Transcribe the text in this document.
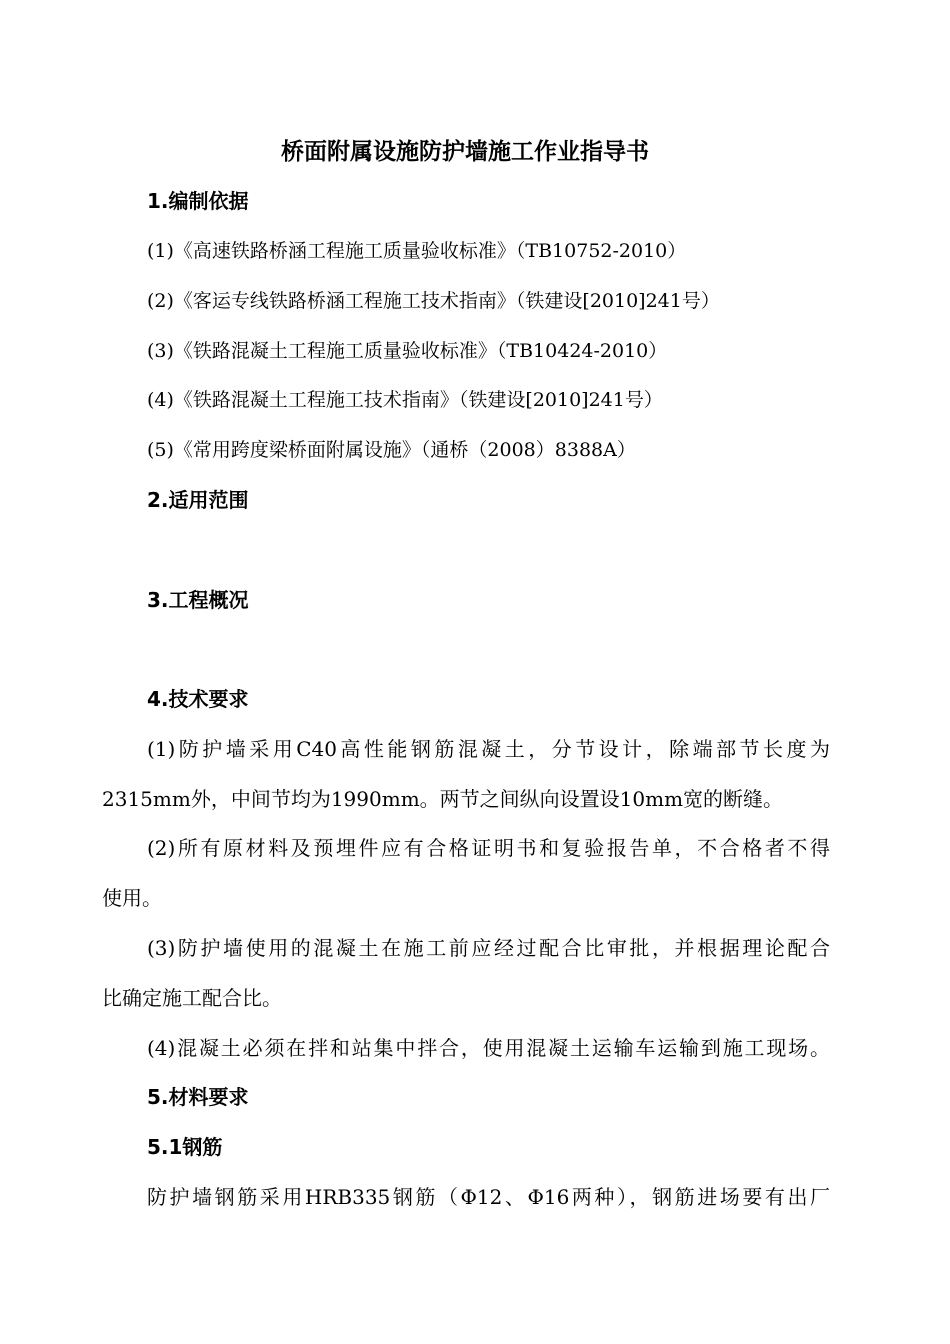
桥面附属设施防护墙施工作业指导书
1.编制依据
(1)《高速铁路桥涵工程施工质量验收标准》（TB10752-2010）
(2)《客运专线铁路桥涵工程施工技术指南》（铁建设[2010]241号）
(3)《铁路混凝土工程施工质量验收标准》（TB10424-2010）
(4)《铁路混凝土工程施工技术指南》（铁建设[2010]241号）
(5)《常用跨度梁桥面附属设施》（通桥（2008）8388A）
2.适用范围
3.工程概况
4.技术要求
(1)防护墙采用C40高性能钢筋混凝土，分节设计，除端部节长度为
2315mm外，中间节均为1990mm。两节之间纵向设置设10mm宽的断缝。
(2)所有原材料及预埋件应有合格证明书和复验报告单，不合格者不得
使用。
(3)防护墙使用的混凝土在施工前应经过配合比审批，并根据理论配合
比确定施工配合比。
(4)混凝土必须在拌和站集中拌合，使用混凝土运输车运输到施工现场。
5.材料要求
5.1钢筋
防护墙钢筋采用HRB335钢筋（Φ12、Φ16两种），钢筋进场要有出厂
